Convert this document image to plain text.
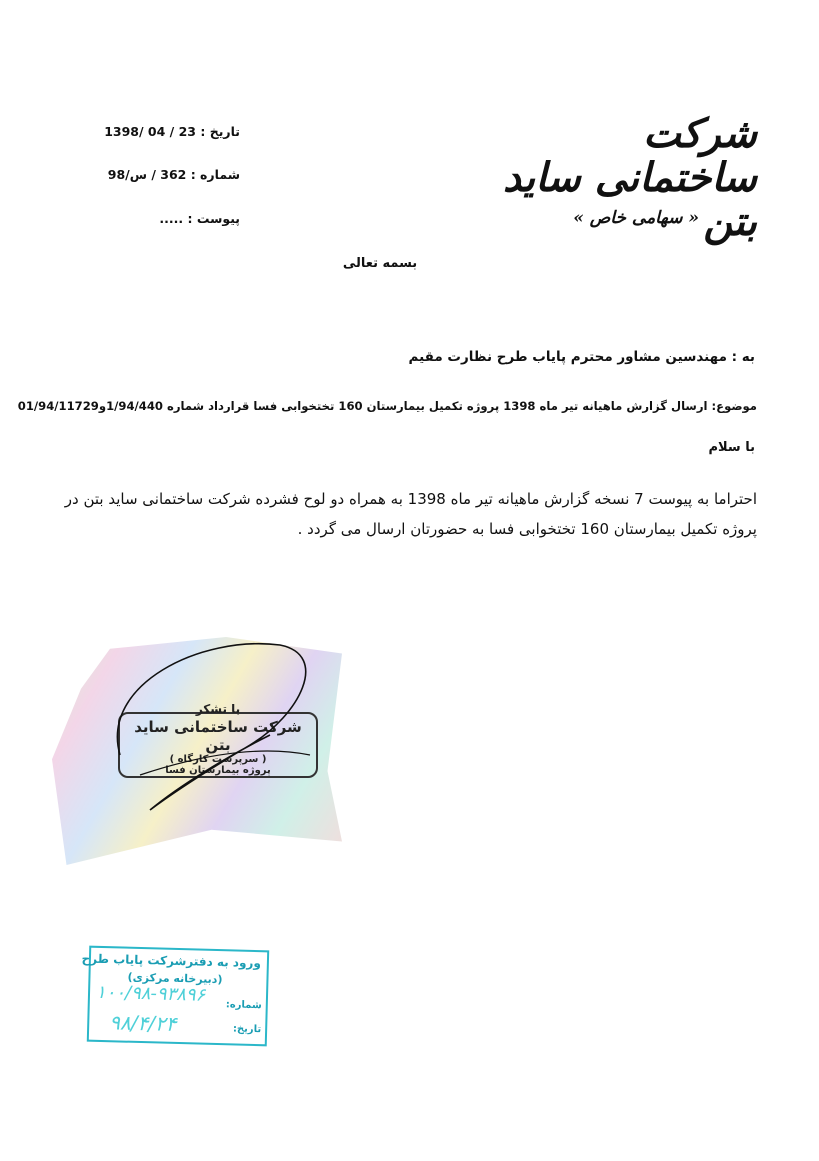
شرکت ساختمانی ساید بتن
« سهامی خاص »
تاریخ : 23 / 04 /1398
شماره : 362 / س/98
پیوست : .....
بسمه تعالی
به : مهندسین مشاور محترم پایاب طرح نظارت مقیم
موضوع: ارسال گزارش ماهیانه تیر ماه 1398 پروژه تکمیل بیمارستان 160 تختخوابی فسا قرارداد شماره 1/94/440و01/94/11729
با سلام
احتراما به پیوست 7 نسخه گزارش ماهیانه تیر ماه 1398 به همراه دو لوح فشرده شرکت ساختمانی ساید بتن در
پروژه تکمیل بیمارستان 160 تختخوابی فسا به حضورتان ارسال می گردد .
با تشکر
شرکت ساختمانی ساید بتن
( سرپرست کارگاه )
پروژه بیمارستان فسا
ورود به دفترشرکت پایاب طرح
(دبیرخانه مرکزی)
شماره:
۱۰۰/۹۸-۹۳۸۹۶
تاریخ:
۹۸/۴/۲۴
